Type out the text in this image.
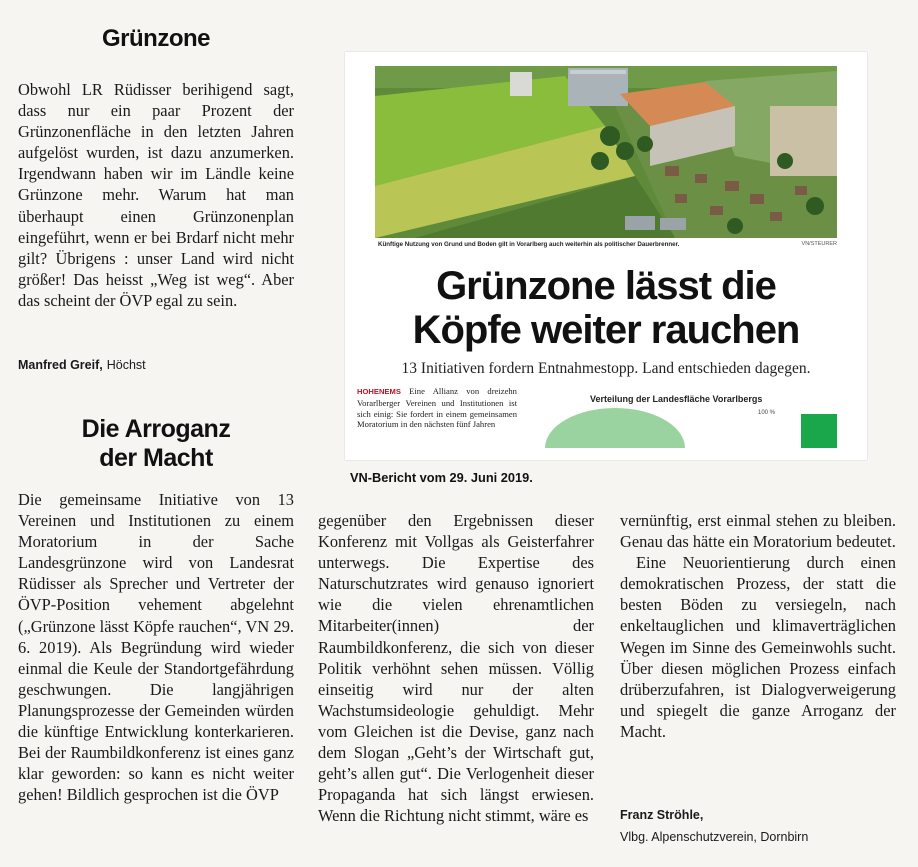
Grünzone

Obwohl LR Rüdisser berihigend sagt, dass nur ein paar Prozent der Grünzonenfläche in den letzten Jahren aufgelöst wurden, ist dazu anzumerken. Irgendwann haben wir im Ländle keine Grünzone mehr. Warum hat man überhaupt einen Grünzonenplan eingeführt, wenn er bei Brdarf nicht mehr gilt? Übrigens : unser Land wird nicht größer! Das heisst „Weg ist weg“. Aber das scheint der ÖVP egal zu sein.

Manfred Greif, Höchst
Die Arroganz
der Macht

Die gemeinsame Initiative von 13 Vereinen und Institutionen zu einem Moratorium in der Sache Landesgrünzone wird von Landesrat Rüdisser als Sprecher und Vertreter der ÖVP-Position vehement abgelehnt („Grünzone lässt Köpfe rauchen“, VN 29. 6. 2019). Als Begründung wird wieder einmal die Keule der Standortgefährdung geschwungen. Die langjährigen Planungsprozesse der Gemeinden würden die künftige Entwicklung konterkarieren. Bei der Raumbildkonferenz ist eines ganz klar geworden: so kann es nicht weiter gehen! Bildlich gesprochen ist die ÖVP

gegenüber den Ergebnissen dieser Konferenz mit Vollgas als Geisterfahrer unterwegs. Die Expertise des Naturschutzrates wird genauso ignoriert wie die vielen ehrenamtlichen Mitarbeiter(innen) der Raumbildkonferenz, die sich von dieser Politik verhöhnt sehen müssen. Völlig einseitig wird nur der alten Wachstumsideologie gehuldigt. Mehr vom Gleichen ist die Devise, ganz nach dem Slogan „Geht’s der Wirtschaft gut, geht’s allen gut“. Die Verlogenheit dieser Propaganda hat sich längst erwiesen. Wenn die Richtung nicht stimmt, wäre es

vernünftig, erst einmal stehen zu bleiben. Genau das hätte ein Moratorium bedeutet.

Eine Neuorientierung durch einen demokratischen Prozess, der statt die besten Böden zu versiegeln, nach enkeltauglichen und klimaverträglichen Wegen im Sinne des Gemeinwohls sucht. Über diesen möglichen Prozess einfach drüberzufahren, ist Dialogverweigerung und spiegelt die ganze Arroganz der Macht.

Franz Ströhle,
Vlbg. Alpenschutzverein, Dornbirn
Künftige Nutzung von Grund und Boden gilt in Vorarlberg auch weiterhin als politischer Dauerbrenner.	VN/STEURER
Grünzone lässt die
Köpfe weiter rauchen
13 Initiativen fordern Entnahmestopp. Land entschieden dagegen.
HOHENEMS Eine Allianz von dreizehn Vorarlberger Vereinen und Institutionen ist sich einig: Sie fordert in einem gemeinsamen Moratorium in den nächsten fünf Jahren
Verteilung der Landesfläche Vorarlbergs
100 %
VN-Bericht vom 29. Juni 2019.
